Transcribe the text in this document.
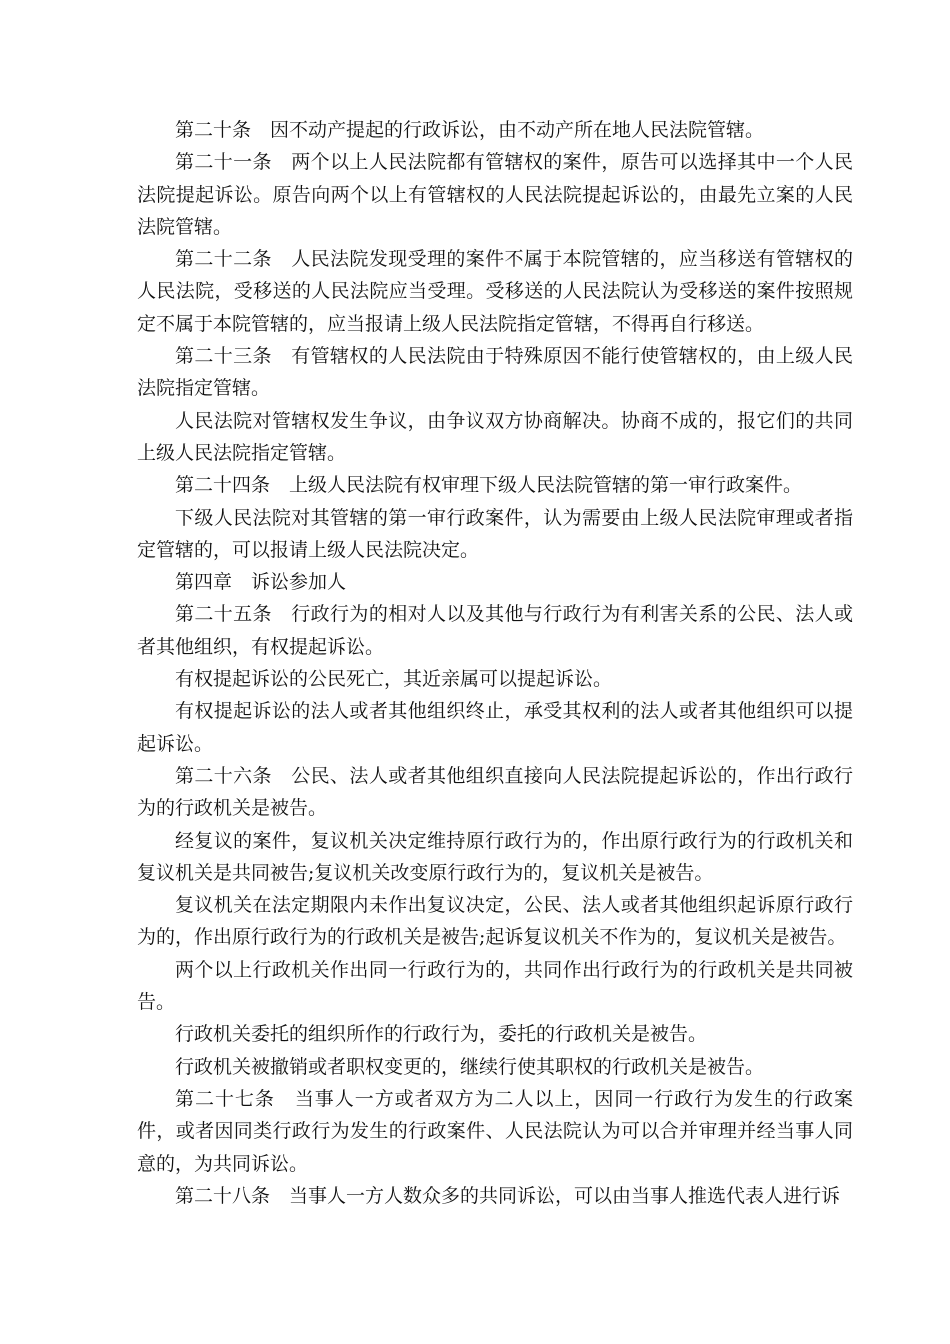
第二十条　因不动产提起的行政诉讼，由不动产所在地人民法院管辖。

第二十一条　两个以上人民法院都有管辖权的案件，原告可以选择其中一个人民法院提起诉讼。原告向两个以上有管辖权的人民法院提起诉讼的，由最先立案的人民法院管辖。

第二十二条　人民法院发现受理的案件不属于本院管辖的，应当移送有管辖权的人民法院，受移送的人民法院应当受理。受移送的人民法院认为受移送的案件按照规定不属于本院管辖的，应当报请上级人民法院指定管辖，不得再自行移送。

第二十三条　有管辖权的人民法院由于特殊原因不能行使管辖权的，由上级人民法院指定管辖。

人民法院对管辖权发生争议，由争议双方协商解决。协商不成的，报它们的共同上级人民法院指定管辖。

第二十四条　上级人民法院有权审理下级人民法院管辖的第一审行政案件。

下级人民法院对其管辖的第一审行政案件，认为需要由上级人民法院审理或者指定管辖的，可以报请上级人民法院决定。

第四章　诉讼参加人

第二十五条　行政行为的相对人以及其他与行政行为有利害关系的公民、法人或者其他组织，有权提起诉讼。

有权提起诉讼的公民死亡，其近亲属可以提起诉讼。

有权提起诉讼的法人或者其他组织终止，承受其权利的法人或者其他组织可以提起诉讼。

第二十六条　公民、法人或者其他组织直接向人民法院提起诉讼的，作出行政行为的行政机关是被告。

经复议的案件，复议机关决定维持原行政行为的，作出原行政行为的行政机关和复议机关是共同被告;复议机关改变原行政行为的，复议机关是被告。

复议机关在法定期限内未作出复议决定，公民、法人或者其他组织起诉原行政行为的，作出原行政行为的行政机关是被告;起诉复议机关不作为的，复议机关是被告。

两个以上行政机关作出同一行政行为的，共同作出行政行为的行政机关是共同被告。

行政机关委托的组织所作的行政行为，委托的行政机关是被告。

行政机关被撤销或者职权变更的，继续行使其职权的行政机关是被告。

第二十七条　当事人一方或者双方为二人以上，因同一行政行为发生的行政案件，或者因同类行政行为发生的行政案件、人民法院认为可以合并审理并经当事人同意的，为共同诉讼。

第二十八条　当事人一方人数众多的共同诉讼，可以由当事人推选代表人进行诉
